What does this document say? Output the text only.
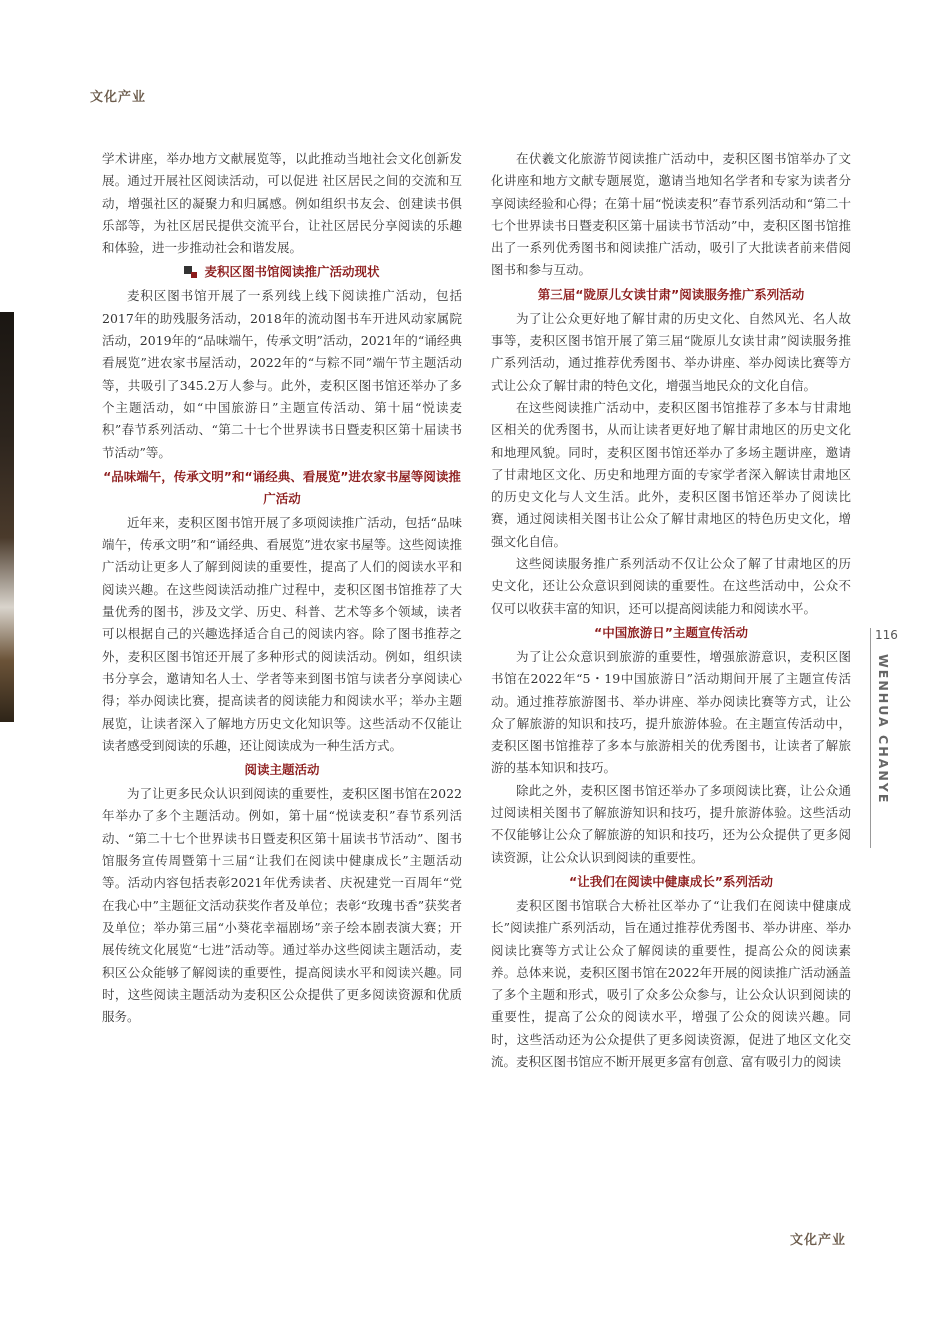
文化产业

学术讲座，举办地方文献展览等，以此推动当地社会文化创新发展。通过开展社区阅读活动，可以促进 社区居民之间的交流和互动，增强社区的凝聚力和归属感。例如组织书友会、创建读书俱乐部等，为社区居民提供交流平台，让社区居民分享阅读的乐趣和体验，进一步推动社会和谐发展。

麦积区图书馆阅读推广活动现状

麦积区图书馆开展了一系列线上线下阅读推广活动，包括2017年的助残服务活动，2018年的流动图书车开进风动家属院活动，2019年的“品味端午，传承文明”活动，2021年的“诵经典看展览”进农家书屋活动，2022年的“与粽不同”端午节主题活动等，共吸引了345.2万人参与。此外，麦积区图书馆还举办了多个主题活动，如“中国旅游日”主题宣传活动、第十届“悦读麦积”春节系列活动、“第二十七个世界读书日暨麦积区第十届读书节活动”等。

“品味端午，传承文明”和“诵经典、看展览”进农家书屋等阅读推广活动

近年来，麦积区图书馆开展了多项阅读推广活动，包括“品味端午，传承文明”和“诵经典、看展览”进农家书屋等。这些阅读推广活动让更多人了解到阅读的重要性，提高了人们的阅读水平和阅读兴趣。在这些阅读活动推广过程中，麦积区图书馆推荐了大量优秀的图书，涉及文学、历史、科普、艺术等多个领域，读者可以根据自己的兴趣选择适合自己的阅读内容。除了图书推荐之外，麦积区图书馆还开展了多种形式的阅读活动。例如，组织读书分享会，邀请知名人士、学者等来到图书馆与读者分享阅读心得；举办阅读比赛，提高读者的阅读能力和阅读水平；举办主题展览，让读者深入了解地方历史文化知识等。这些活动不仅能让读者感受到阅读的乐趣，还让阅读成为一种生活方式。

阅读主题活动

为了让更多民众认识到阅读的重要性，麦积区图书馆在2022年举办了多个主题活动。例如，第十届“悦读麦积”春节系列活动、“第二十七个世界读书日暨麦积区第十届读书节活动”、图书馆服务宣传周暨第十三届“让我们在阅读中健康成长”主题活动等。活动内容包括表彰2021年优秀读者、庆祝建党一百周年“党在我心中”主题征文活动获奖作者及单位；表彰“玫瑰书香”获奖者及单位；举办第三届“小葵花幸福剧场”亲子绘本剧表演大赛；开展传统文化展览“七进”活动等。通过举办这些阅读主题活动，麦积区公众能够了解阅读的重要性，提高阅读水平和阅读兴趣。同时，这些阅读主题活动为麦积区公众提供了更多阅读资源和优质服务。

在伏羲文化旅游节阅读推广活动中，麦积区图书馆举办了文化讲座和地方文献专题展览，邀请当地知名学者和专家为读者分享阅读经验和心得；在第十届“悦读麦积”春节系列活动和“第二十七个世界读书日暨麦积区第十届读书节活动”中，麦积区图书馆推出了一系列优秀图书和阅读推广活动，吸引了大批读者前来借阅图书和参与互动。

第三届“陇原儿女读甘肃”阅读服务推广系列活动

为了让公众更好地了解甘肃的历史文化、自然风光、名人故事等，麦积区图书馆开展了第三届“陇原儿女读甘肃”阅读服务推广系列活动，通过推荐优秀图书、举办讲座、举办阅读比赛等方式让公众了解甘肃的特色文化，增强当地民众的文化自信。

在这些阅读推广活动中，麦积区图书馆推荐了多本与甘肃地区相关的优秀图书，从而让读者更好地了解甘肃地区的历史文化和地理风貌。同时，麦积区图书馆还举办了多场主题讲座，邀请了甘肃地区文化、历史和地理方面的专家学者深入解读甘肃地区的历史文化与人文生活。此外，麦积区图书馆还举办了阅读比赛，通过阅读相关图书让公众了解甘肃地区的特色历史文化，增强文化自信。

这些阅读服务推广系列活动不仅让公众了解了甘肃地区的历史文化，还让公众意识到阅读的重要性。在这些活动中，公众不仅可以收获丰富的知识，还可以提高阅读能力和阅读水平。

“中国旅游日”主题宣传活动

为了让公众意识到旅游的重要性，增强旅游意识，麦积区图书馆在2022年“5・19中国旅游日”活动期间开展了主题宣传活动。通过推荐旅游图书、举办讲座、举办阅读比赛等方式，让公众了解旅游的知识和技巧，提升旅游体验。在主题宣传活动中，麦积区图书馆推荐了多本与旅游相关的优秀图书，让读者了解旅游的基本知识和技巧。

除此之外，麦积区图书馆还举办了多项阅读比赛，让公众通过阅读相关图书了解旅游知识和技巧，提升旅游体验。这些活动不仅能够让公众了解旅游的知识和技巧，还为公众提供了更多阅读资源，让公众认识到阅读的重要性。

“让我们在阅读中健康成长”系列活动

麦积区图书馆联合大桥社区举办了“让我们在阅读中健康成长”阅读推广系列活动，旨在通过推荐优秀图书、举办讲座、举办阅读比赛等方式让公众了解阅读的重要性，提高公众的阅读素养。总体来说，麦积区图书馆在2022年开展的阅读推广活动涵盖了多个主题和形式，吸引了众多公众参与，让公众认识到阅读的重要性，提高了公众的阅读水平，增强了公众的阅读兴趣。同时，这些活动还为公众提供了更多阅读资源，促进了地区文化交流。麦积区图书馆应不断开展更多富有创意、富有吸引力的阅读

116
WENHUA CHANYE
文化产业
